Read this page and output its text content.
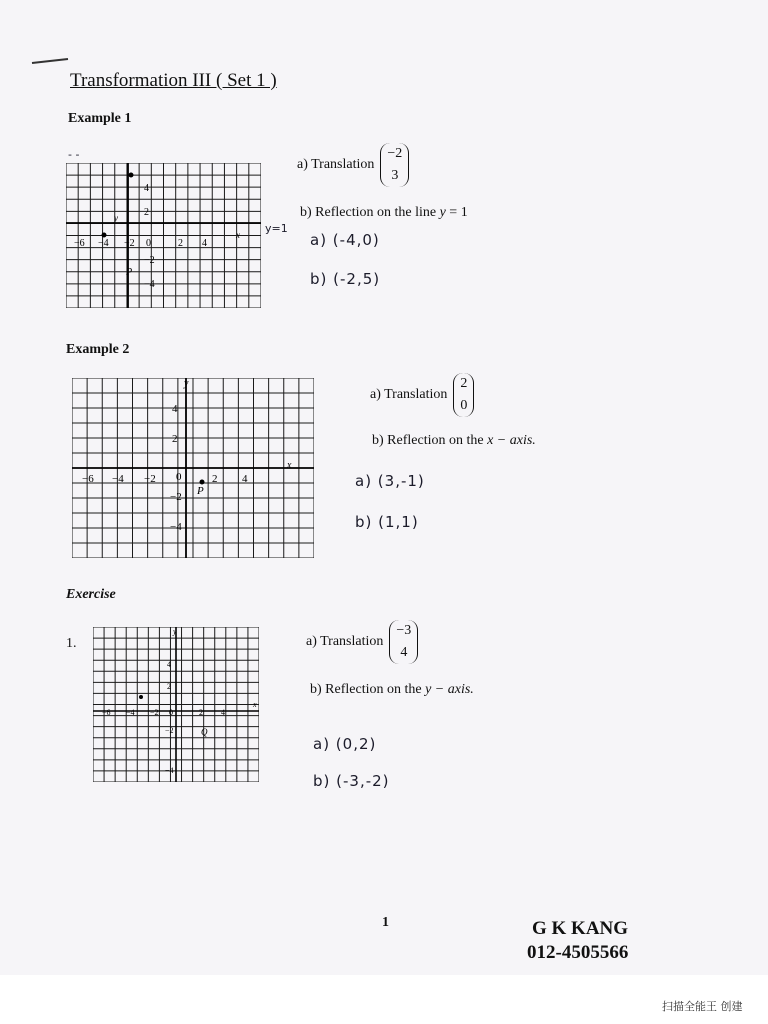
Transformation III ( Set 1 )
Example 1
- -
−6 −4 −2 0	2 4
4
2
−2
−4
x
y
P
y=1
a) Translation
−2
3
b) Reflection on the line y = 1
a) (-4,0)
b) (-2,5)
Example 2
−6 −4 −2 0	2 4
4
2
−2
−4
x
y
P
a) Translation
2
0
b) Reflection on the x − axis.
a) (3,-1)
b) (1,1)
Exercise
1.
−6 −4 −2 0	2 4
4
2
−2
−4
x
y
Q
a) Translation
−3
4
b) Reflection on the y − axis.
a) (0,2)
b) (-3,-2)
1	G K KANG
012-4505566
扫描全能王 创建
